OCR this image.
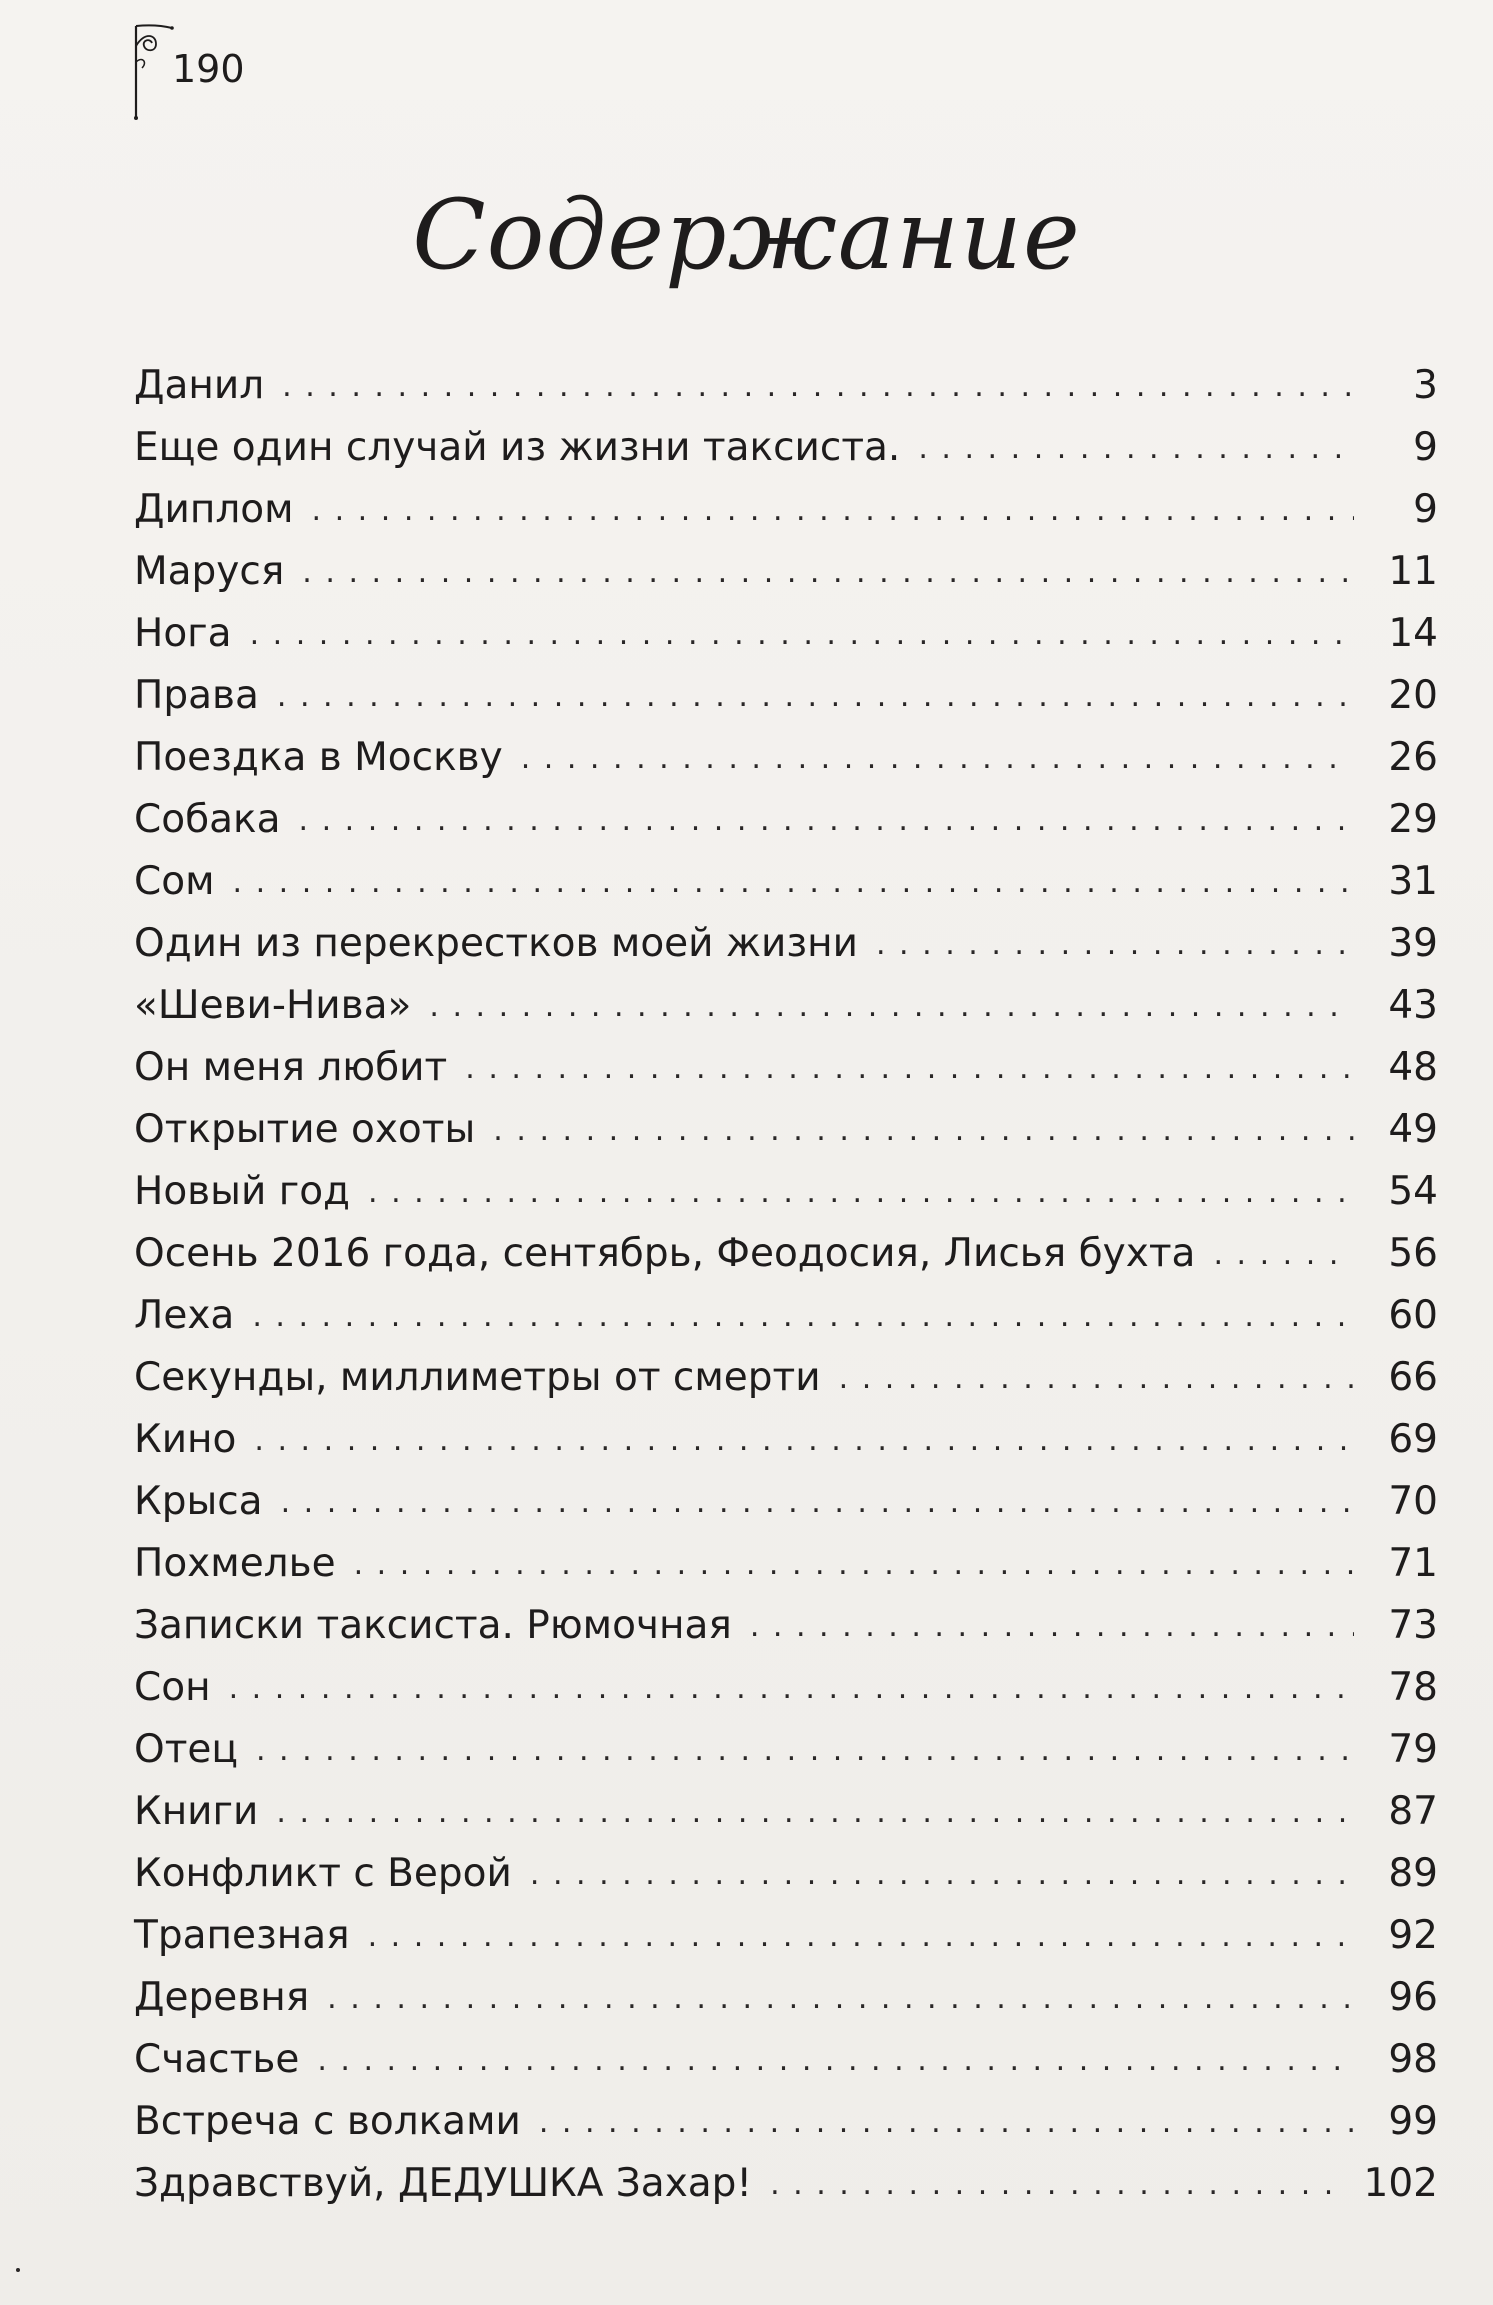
190
Содержание
Данил . . .	3
Еще один случай из жизни таксиста. . . .	9
Диплом . . .	9
Маруся . . .	11
Нога . . .	14
Права . . .	20
Поездка в Москву . . .	26
Собака . . .	29
Сом . . .	31
Один из перекрестков моей жизни . . .	39
«Шеви-Нива» . . .	43
Он меня любит . . .	48
Открытие охоты . . .	49
Новый год . . .	54
Осень 2016 года, сентябрь, Феодосия, Лисья бухта . . .	56
Леха . . .	60
Секунды, миллиметры от смерти . . .	66
Кино . . .	69
Крыса . . .	70
Похмелье . . .	71
Записки таксиста. Рюмочная . . .	73
Сон . . .	78
Отец . . .	79
Книги . . .	87
Конфликт с Верой . . .	89
Трапезная . . .	92
Деревня . . .	96
Счастье . . .	98
Встреча с волками . . .	99
Здравствуй, ДЕДУШКА Захар! . . .	102
